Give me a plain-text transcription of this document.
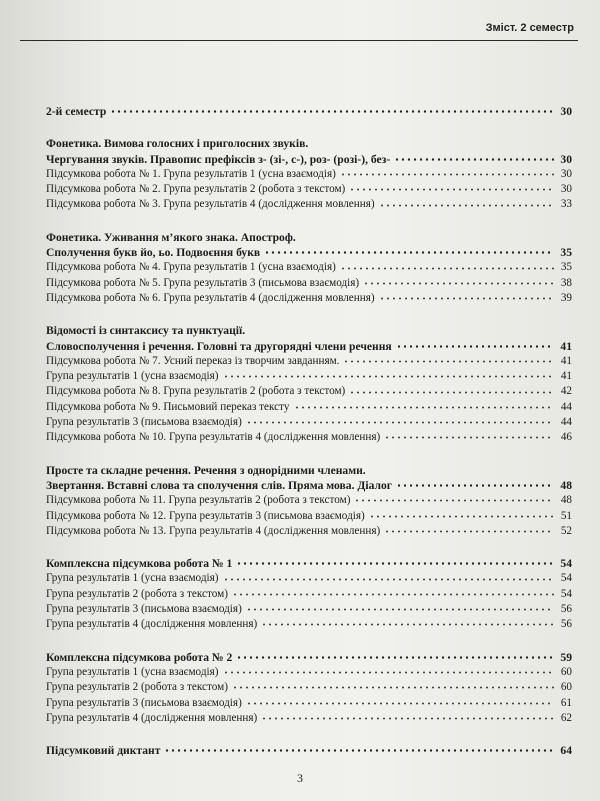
Зміст. 2 семестр
2-й семестр	30
Фонетика. Вимова голосних і приголосних звуків.
Чергування звуків. Правопис префіксів з- (зі-, с-), роз- (розі-), без-	30
Підсумкова робота № 1. Група результатів 1 (усна взаємодія)	30
Підсумкова робота № 2. Група результатів 2 (робота з текстом)	30
Підсумкова робота № 3. Група результатів 4 (дослідження мовлення)	33
Фонетика. Уживання м’якого знака. Апостроф.
Сполучення букв йо, ьо. Подвоєння букв	35
Підсумкова робота № 4. Група результатів 1 (усна взаємодія)	35
Підсумкова робота № 5. Група результатів 3 (письмова взаємодія)	38
Підсумкова робота № 6. Група результатів 4 (дослідження мовлення)	39
Відомості із синтаксису та пунктуації.
Словосполучення і речення. Головні та другорядні члени речення	41
Підсумкова робота № 7. Усний переказ із творчим завданням.	41
Група результатів 1 (усна взаємодія)	41
Підсумкова робота № 8. Група результатів 2 (робота з текстом)	42
Підсумкова робота № 9. Письмовий переказ тексту	44
Група результатів 3 (письмова взаємодія)	44
Підсумкова робота № 10. Група результатів 4 (дослідження мовлення)	46
Просте та складне речення. Речення з однорідними членами.
Звертання. Вставні слова та сполучення слів. Пряма мова. Діалог	48
Підсумкова робота № 11. Група результатів 2 (робота з текстом)	48
Підсумкова робота № 12. Група результатів 3 (письмова взаємодія)	51
Підсумкова робота № 13. Група результатів 4 (дослідження мовлення)	52
Комплексна підсумкова робота № 1	54
Група результатів 1 (усна взаємодія)	54
Група результатів 2 (робота з текстом)	54
Група результатів 3 (письмова взаємодія)	56
Група результатів 4 (дослідження мовлення)	56
Комплексна підсумкова робота № 2	59
Група результатів 1 (усна взаємодія)	60
Група результатів 2 (робота з текстом)	60
Група результатів 3 (письмова взаємодія)	61
Група результатів 4 (дослідження мовлення)	62
Підсумковий диктант	64
3
